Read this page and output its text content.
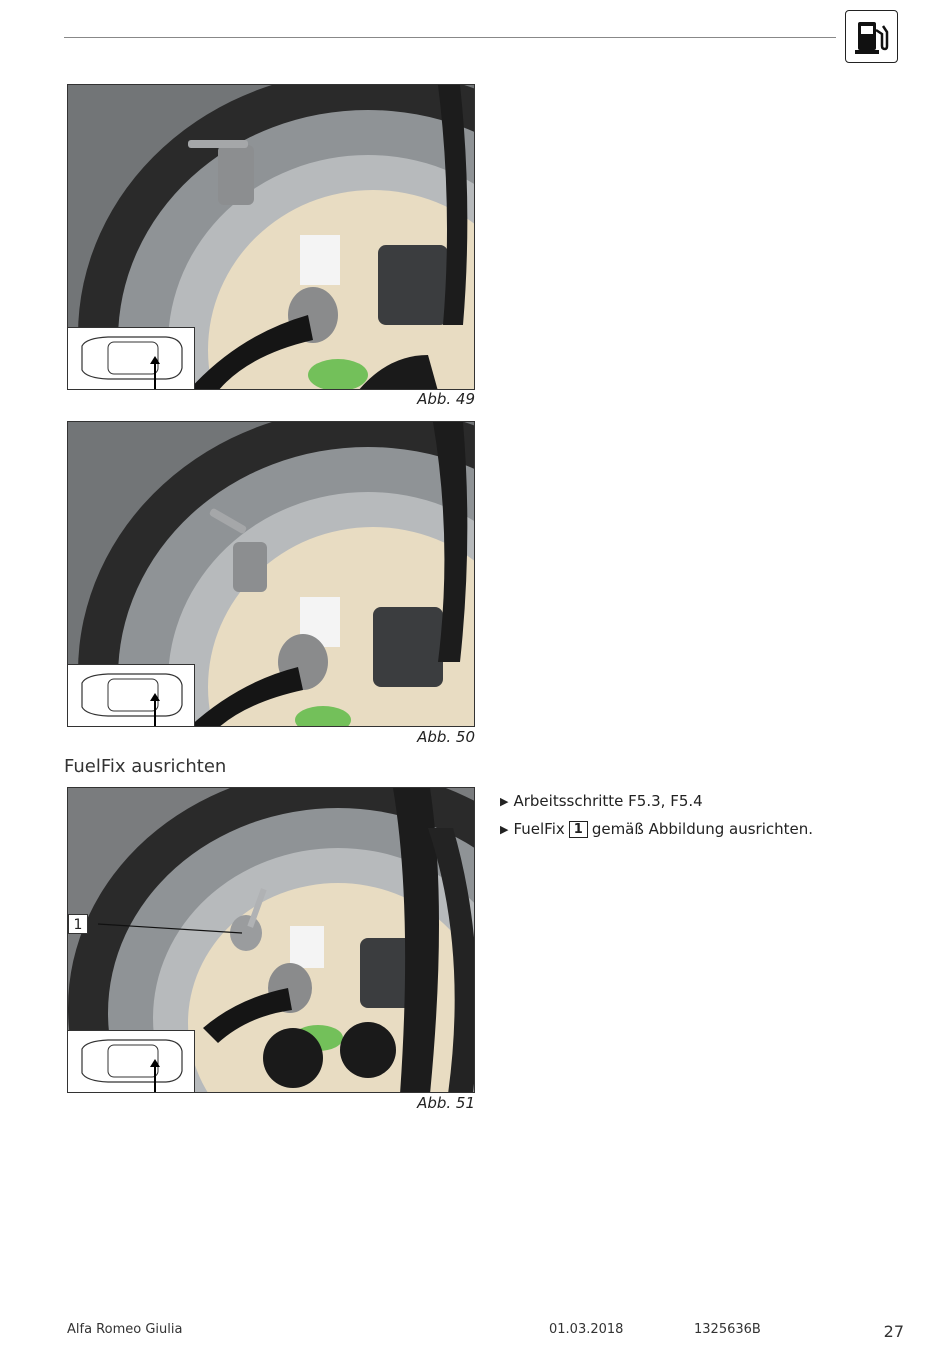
Abb. 49
Abb. 50
FuelFix ausrichten
1
Abb. 51
▶ Arbeitsschritte F5.3, F5.4
▶ FuelFix 1 gemäß Abbildung ausrichten.
Alfa Romeo Giulia	01.03.2018	1325636B	27
